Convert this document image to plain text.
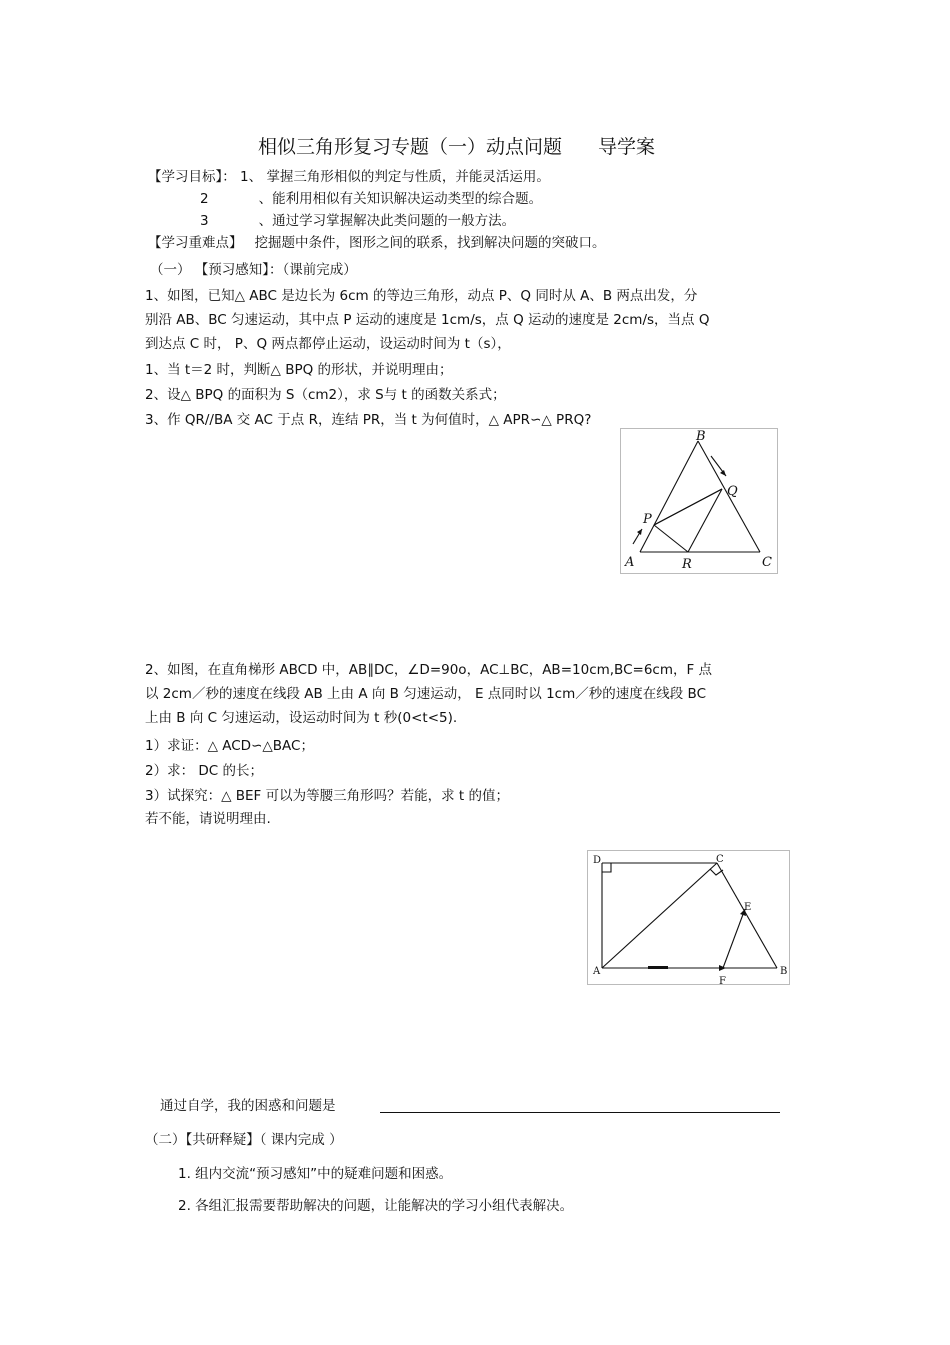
相似三角形复习专题（一）动点问题 导学案
【学习目标】： 1、 掌握三角形相似的判定与性质，并能灵活运用。
2	、能利用相似有关知识解决运动类型的综合题。
3	、通过学习掌握解决此类问题的一般方法。
【学习重难点】 挖掘题中条件，图形之间的联系，找到解决问题的突破口。
（一） 【预习感知】：（课前完成）
1、如图，已知△ ABC 是边长为 6cm 的等边三角形，动点 P、Q 同时从 A、B 两点出发，分
别沿 AB、BC 匀速运动，其中点 P 运动的速度是 1cm/s，点 Q 运动的速度是 2cm/s，当点 Q
到达点 C 时， P、Q 两点都停止运动，设运动时间为 t（s），
1、当 t＝2 时，判断△ BPQ 的形状，并说明理由；
2、设△ BPQ 的面积为 S（cm2），求 S与 t 的函数关系式；
3、作 QR//BA 交 AC 于点 R，连结 PR，当 t 为何值时，△ APR∽△ PRQ?
B
Q
P
A	R	C
2、如图，在直角梯形 ABCD 中，AB∥DC，∠D=90o，AC⊥BC，AB=10cm,BC=6cm，F 点
以 2cm／秒的速度在线段 AB 上由 A 向 B 匀速运动， E 点同时以 1cm／秒的速度在线段 BC
上由 B 向 C 匀速运动，设运动时间为 t 秒(0<t<5).
1）求证：△ ACD∽△BAC；
2）求： DC 的长；
3）试探究：△ BEF 可以为等腰三角形吗？若能，求 t 的值；
若不能，请说明理由.
D	C
E
A	B
F
通过自学，我的困惑和问题是
（二）【共研释疑】（ 课内完成 ）
1. 组内交流“预习感知”中的疑难问题和困惑。
2. 各组汇报需要帮助解决的问题，让能解决的学习小组代表解决。
